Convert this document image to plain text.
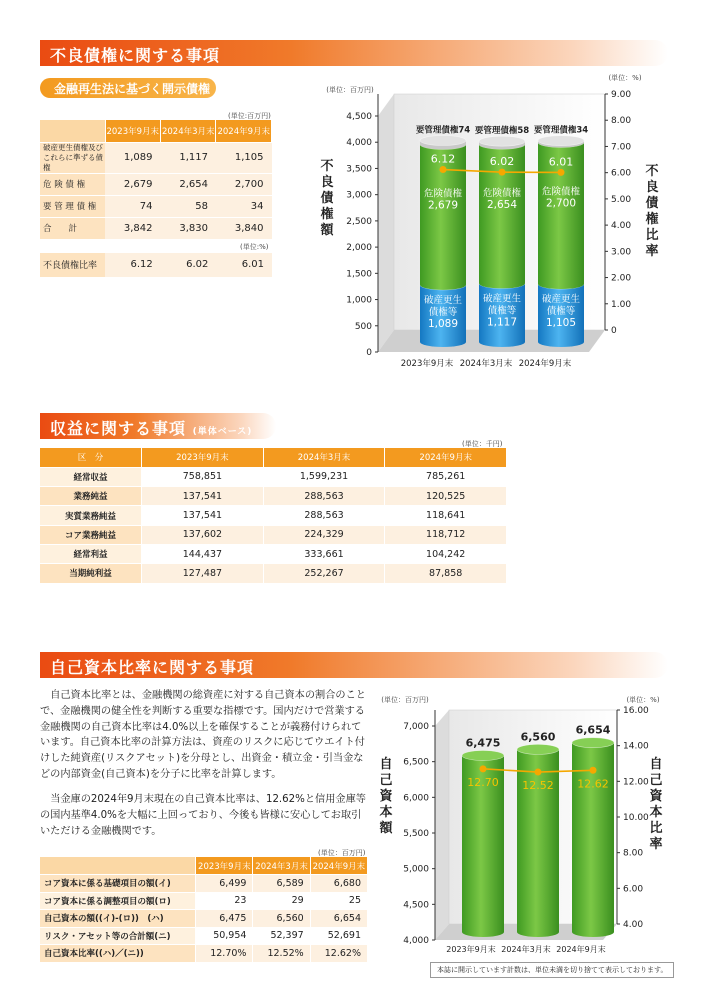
不良債権に関する事項
金融再生法に基づく開示債権
(単位:百万円)
	2023年9月末	2024年3月末	2024年9月末
破産更生債権及びこれらに準ずる債権	1,089	1,117	1,105
危 険 債 権	2,679	2,654	2,700
要 管 理 債 権	74	58	34
合　　計	3,842	3,830	3,840
(単位:%)
不良債権比率	6.12	6.02	6.01
4,500
4,000
3,500
3,000
2,500
2,000
1,500
1,000
500
0
9.00
8.00
7.00
6.00
5.00
4.00
3.00
2.00
1.00
0
(単位：百万円)
(単位：%)
不良債権額
不良債権比率
要管理債権74
危険債権
2,679
破産更生
債権等
1,089
2023年9月末
要管理債権58
危険債権
2,654
破産更生
債権等
1,117
2024年3月末
要管理債権34
危険債権
2,700
破産更生
債権等
1,105
2024年9月末
6.12	6.02	6.01
収益に関する事項 (単体ベース)
(単位：千円)
区　分	2023年9月末	2024年3月末	2024年9月末
経常収益	758,851	1,599,231	785,261
業務純益	137,541	288,563	120,525
実質業務純益	137,541	288,563	118,641
コア業務純益	137,602	224,329	118,712
経常利益	144,437	333,661	104,242
当期純利益	127,487	252,267	87,858
自己資本比率に関する事項
自己資本比率とは、金融機関の総資産に対する自己資本の割合のことで、金融機関の健全性を判断する重要な指標です。国内だけで営業する金融機関の自己資本比率は4.0%以上を確保することが義務付けられています。自己資本比率の計算方法は、資産のリスクに応じてウエイト付けした純資産(リスクアセット)を分母とし、出資金・積立金・引当金などの内部資金(自己資本)を分子に比率を計算します。
当金庫の2024年9月末現在の自己資本比率は、12.62%と信用金庫等の国内基準4.0%を大幅に上回っており、今後も皆様に安心してお取引いただける金融機関です。
(単位：百万円)
	2023年9月末	2024年3月末	2024年9月末
コア資本に係る基礎項目の額(イ)	6,499	6,589	6,680
コア資本に係る調整項目の額(ロ)	23	29	25
自己資本の額((イ)-(ロ))　(ハ)	6,475	6,560	6,654
リスク・アセット等の合計額(ニ)	50,954	52,397	52,691
自己資本比率((ハ)／(ニ))	12.70%	12.52%	12.62%
7,000
6,500
6,000
5,500
5,000
4,500
4,000
16.00
14.00
12.00
10.00
8.00
6.00
4.00
(単位：百万円)	(単位：%)
自己資本額
自己資本比率
6,475
2023年9月末
6,560
2024年3月末
6,654
2024年9月末
12.70 12.52 12.62
本誌に開示しています計数は、単位未満を切り捨てて表示しております。
